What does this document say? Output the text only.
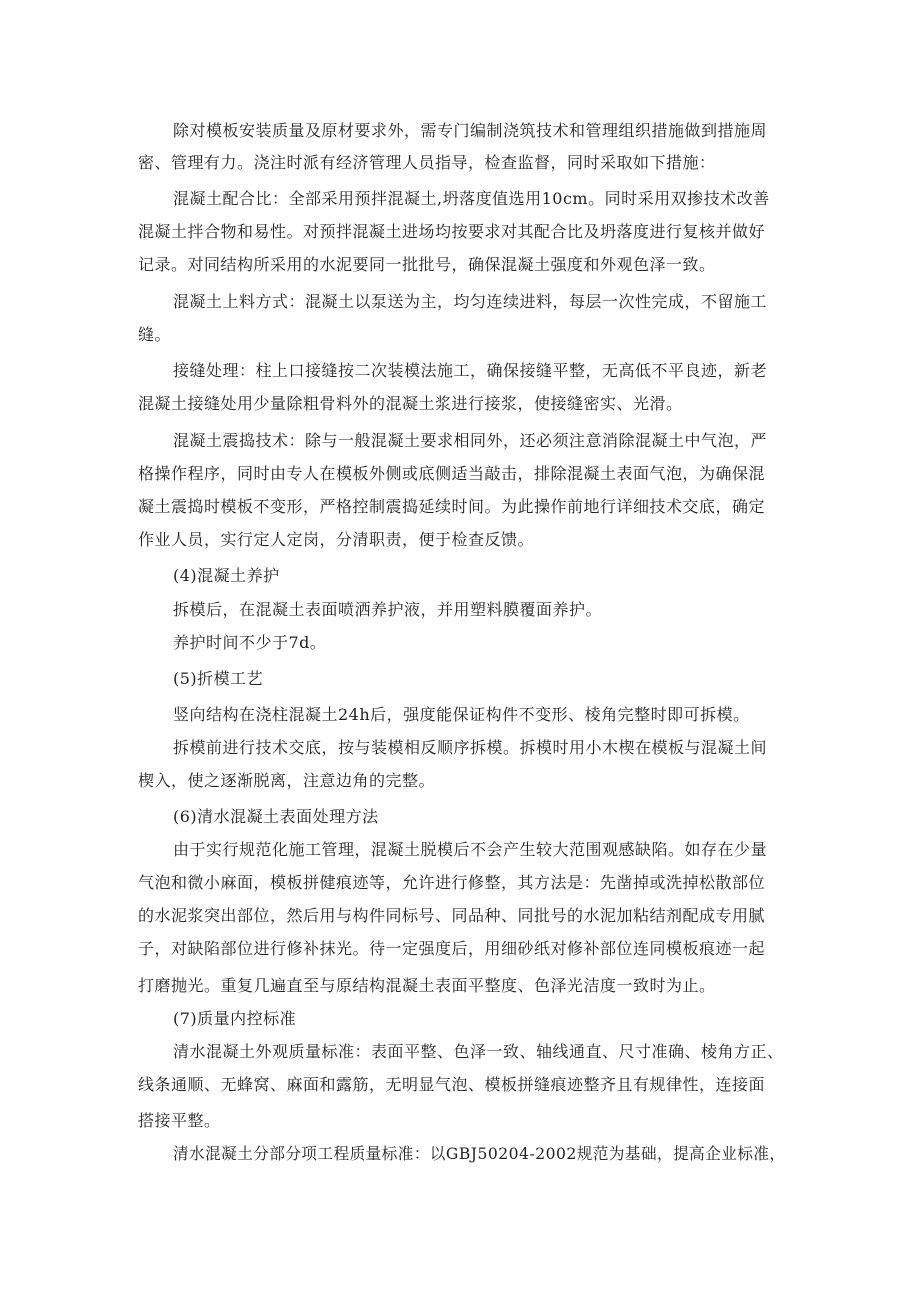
除对模板安装质量及原材要求外，需专门编制浇筑技术和管理组织措施做到措施周
密、管理有力。浇注时派有经济管理人员指导，检查监督，同时采取如下措施：
混凝土配合比：全部采用预拌混凝土,坍落度值选用10cm。同时采用双掺技术改善
混凝土拌合物和易性。对预拌混凝土进场均按要求对其配合比及坍落度进行复核并做好
记录。对同结构所采用的水泥要同一批批号，确保混凝土强度和外观色泽一致。
混凝土上料方式：混凝土以泵送为主，均匀连续进料，每层一次性完成，不留施工
缝。
接缝处理：柱上口接缝按二次装模法施工，确保接缝平整，无高低不平良迹，新老
混凝土接缝处用少量除粗骨料外的混凝土浆进行接浆，使接缝密实、光滑。
混凝土震捣技术：除与一般混凝土要求相同外，还必须注意消除混凝土中气泡，严
格操作程序，同时由专人在模板外侧或底侧适当敲击，排除混凝土表面气泡，为确保混
凝土震捣时模板不变形，严格控制震捣延续时间。为此操作前地行详细技术交底，确定
作业人员，实行定人定岗，分清职责，便于检查反馈。
(4)混凝土养护
拆模后，在混凝土表面喷洒养护液，并用塑料膜覆面养护。
养护时间不少于7d。
(5)折模工艺
竖向结构在浇柱混凝土24h后，强度能保证构件不变形、棱角完整时即可拆模。
拆模前进行技术交底，按与装模相反顺序拆模。拆模时用小木楔在模板与混凝土间
楔入，使之逐渐脱离，注意边角的完整。
(6)清水混凝土表面处理方法
由于实行规范化施工管理，混凝土脱模后不会产生较大范围观感缺陷。如存在少量
气泡和微小麻面，模板拼健痕迹等，允许进行修整，其方法是：先凿掉或洗掉松散部位
的水泥浆突出部位，然后用与构件同标号、同品种、同批号的水泥加粘结剂配成专用腻
子，对缺陷部位进行修补抹光。待一定强度后，用细砂纸对修补部位连同模板痕迹一起
打磨抛光。重复几遍直至与原结构混凝土表面平整度、色泽光洁度一致时为止。
(7)质量内控标准
清水混凝土外观质量标准：表面平整、色泽一致、轴线通直、尺寸准确、棱角方正、
线条通顺、无蜂窝、麻面和露筋，无明显气泡、模板拼缝痕迹整齐且有规律性，连接面
搭接平整。
清水混凝土分部分项工程质量标准：以GBJ50204-2002规范为基础，提高企业标准，
